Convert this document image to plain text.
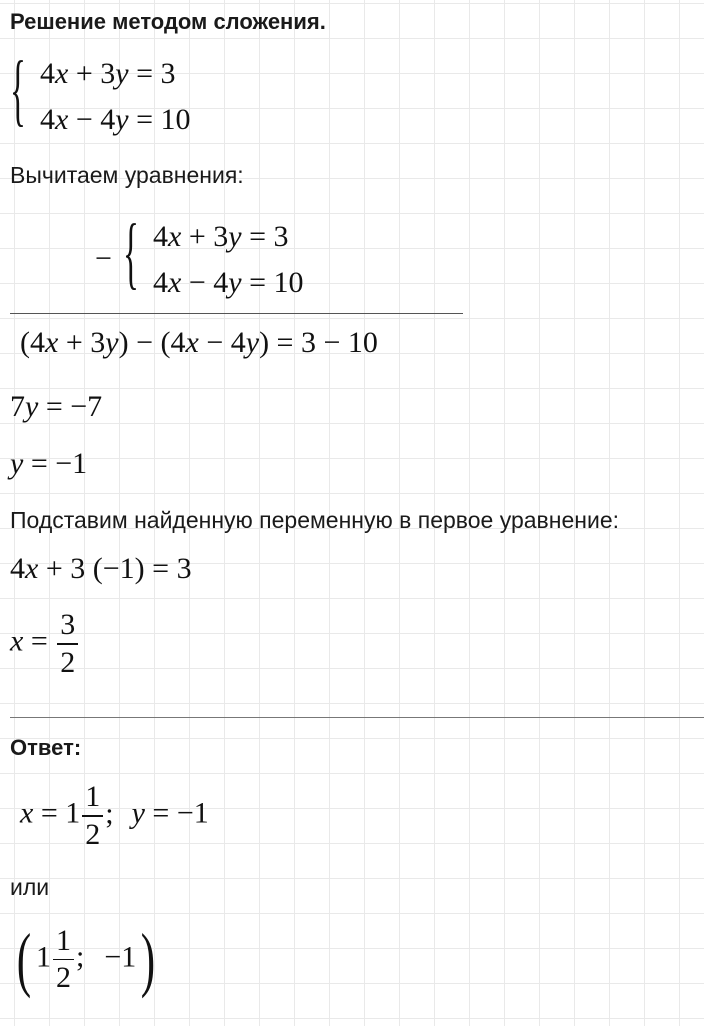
Решение методом сложения.
{ 4x + 3y = 3
4x − 4y = 10
Вычитаем уравнения:
− { 4x + 3y = 3
4x − 4y = 10
(4x + 3y) − (4x − 4y) = 3 − 10
7y = −7
y = −1
Подставим найденную переменную в первое уравнение:
4x + 3 (−1) = 3
$x = \frac{3}{2}$
Ответ:
$x = 1 \frac{1}{2}$ ; y = −1
или
( $1 \frac{1}{2}$ ; −1)
